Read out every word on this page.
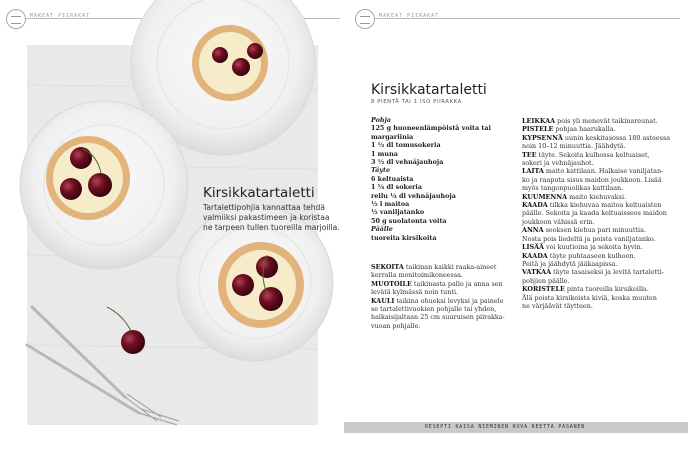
MAKEAT PIIRAKAT	MAKEAT PIIRAKAT

Kirsikkatartaletti

Tartalettipohjia kannattaa tehdä
valmiiksi pakastimeen ja koristaa
ne tarpeen tullen tuoreilla marjoilla.
Kirsikkatartaletti
8 PIENTÄ TAI 1 ISO PIIRAKKA
Pohja
125 g huoneenlämpöistä voita tai
margariinia
1 ½ dl tomusokeria
1 muna
3 ½ dl vehnäjauhoja
Täyte
6 keltuaista
1 ¼ dl sokeria
reilu ¼ dl vehnäjauhoja
½ l maitoa
½ vaniljatanko
50 g suolatonta voita
Päälle
tuoreita kirsikoita
SEKOITA taikinan kaikki raaka-aineet
kerralla monitoimikoneessa.
MUOTOILE taikinasta pallo ja anna sen
levätä kylmässä noin tunti.
KAULI taikina ohueksi levyksi ja painele
se tartalettivuokien pohjalle tai yhden,
halkaisijaltaan 25 cm suuruisen piirakka-
vuoan pohjalle.
LEIKKAA pois yli menevät taikinareunat.
PISTELE pohjaa haarukalla.
KYPSENNÄ uunin keskitasossa 180 asteessa
noin 10–12 minuuttia. Jäähdytä.
TEE täyte. Sekoita kulhossa keltuaiset,
sokeri ja vehnäjauhot.
LAITA maito kattilaan. Halkaise vaniljatan-
ko ja raaputa sisus maidon joukkoon. Lisää
myös tangonpuolikas kattilaan.
KUUMENNA maito kiehuvaksi.
KAADA tilkka kiehuvaa maitoa keltuaisten
päälle. Sekoita ja kaada keltuaisseos maidon
joukkoon vähissä erin.
ANNA seoksen kiehua pari minuuttia.
Nosta pois liedeltä ja poista vaniljatanko.
LISÄÄ voi kuutioina ja sekoita hyvin.
KAADA täyte puhtaaseen kulhoon.
Peitä ja jäähdytä jääkaapissa.
VATKAA täyte tasaiseksi ja levitä tartaletti-
pohjien päälle.
KORISTELE pinta tuoreilla kirsikoilla.
Älä poista kirsikoista kiviä, koska muuten
ne värjäävät täytteen.
RESEPTI KAISA NIEMINEN KUVA REETTA PASANEN
